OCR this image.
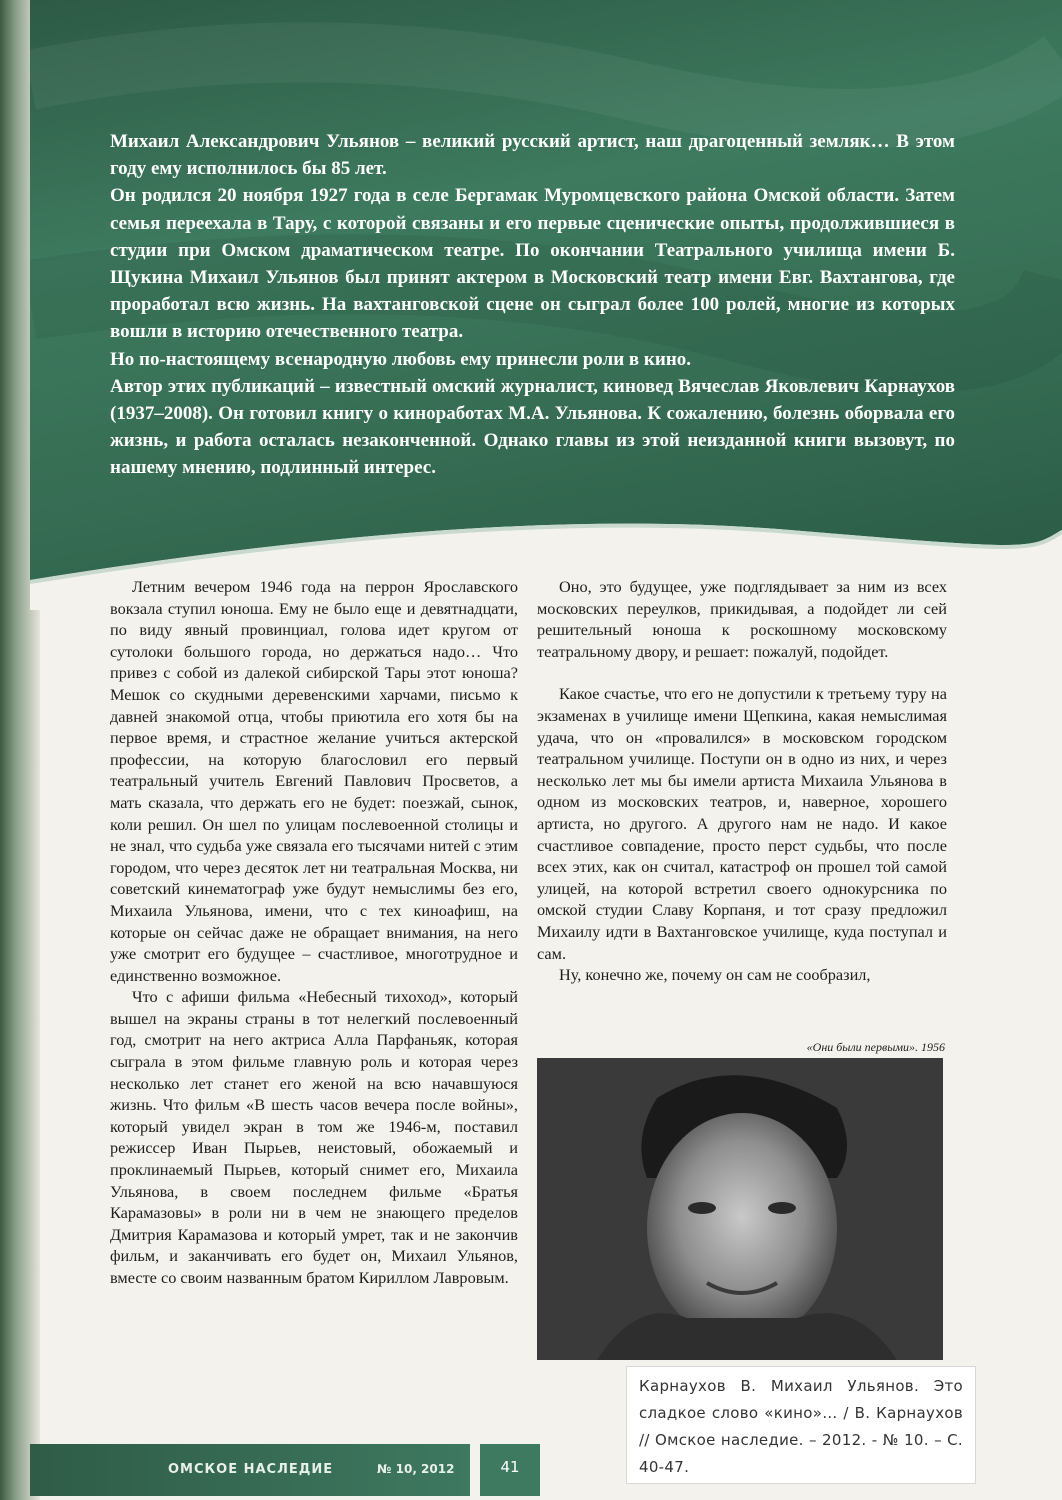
Михаил Александрович Ульянов – великий русский артист, наш драгоценный земляк… В этом году ему исполнилось бы 85 лет.

Он родился 20 ноября 1927 года в селе Бергамак Муромцевского района Омской области. Затем семья переехала в Тару, с которой связаны и его первые сценические опыты, продолжившиеся в студии при Омском драматическом театре. По окончании Театрального училища имени Б. Щукина Михаил Ульянов был принят актером в Московский театр имени Евг. Вахтангова, где проработал всю жизнь. На вахтанговской сцене он сыграл более 100 ролей, многие из которых вошли в историю отечественного театра.

Но по-настоящему всенародную любовь ему принесли роли в кино.

Автор этих публикаций – известный омский журналист, киновед Вячеслав Яковлевич Карнаухов (1937–2008). Он готовил книгу о киноработах М.А. Ульянова. К сожалению, болезнь оборвала его жизнь, и работа осталась незаконченной. Однако главы из этой неизданной книги вызовут, по нашему мнению, подлинный интерес.

Летним вечером 1946 года на перрон Ярославского вокзала ступил юноша. Ему не было еще и девятнадцати, по виду явный провинциал, голова идет кругом от сутолоки большого города, но держаться надо… Что привез с собой из далекой сибирской Тары этот юноша? Мешок со скудными деревенскими харчами, письмо к давней знакомой отца, чтобы приютила его хотя бы на первое время, и страстное желание учиться актерской профессии, на которую благословил его первый театральный учитель Евгений Павлович Просветов, а мать сказала, что держать его не будет: поезжай, сынок, коли решил. Он шел по улицам послевоенной столицы и не знал, что судьба уже связала его тысячами нитей с этим городом, что через десяток лет ни театральная Москва, ни советский кинематограф уже будут немыслимы без его, Михаила Ульянова, имени, что с тех киноафиш, на которые он сейчас даже не обращает внимания, на него уже смотрит его будущее – счастливое, многотрудное и единственно возможное.

Что с афиши фильма «Небесный тихоход», который вышел на экраны страны в тот нелегкий послевоенный год, смотрит на него актриса Алла Парфаньяк, которая сыграла в этом фильме главную роль и которая через несколько лет станет его женой на всю начавшуюся жизнь. Что фильм «В шесть часов вечера после войны», который увидел экран в том же 1946-м, поставил режиссер Иван Пырьев, неистовый, обожаемый и проклинаемый Пырьев, который снимет его, Михаила Ульянова, в своем последнем фильме «Братья Карамазовы» в роли ни в чем не знающего пределов Дмитрия Карамазова и который умрет, так и не закончив фильм, и заканчивать его будет он, Михаил Ульянов, вместе со своим названным братом Кириллом Лавровым.

Оно, это будущее, уже подглядывает за ним из всех московских переулков, прикидывая, а подойдет ли сей решительный юноша к роскошному московскому театральному двору, и решает: пожалуй, подойдет.

Какое счастье, что его не допустили к третьему туру на экзаменах в училище имени Щепкина, какая немыслимая удача, что он «провалился» в московском городском театральном училище. Поступи он в одно из них, и через несколько лет мы бы имели артиста Михаила Ульянова в одном из московских театров, и, наверное, хорошего артиста, но другого. А другого нам не надо. И какое счастливое совпадение, просто перст судьбы, что после всех этих, как он считал, катастроф он прошел той самой улицей, на которой встретил своего однокурсника по омской студии Славу Корпаня, и тот сразу предложил Михаилу идти в Вахтанговское училище, куда поступал и сам.

Ну, конечно же, почему он сам не сообразил,

«Они были первыми». 1956
ОМСКОЕ НАСЛЕДИЕ	№ 10, 2012	41
Карнаухов В. Михаил Ульянов. Это сладкое слово «кино»… / В. Карнаухов // Омское наследие. – 2012. - № 10. – С. 40-47.
